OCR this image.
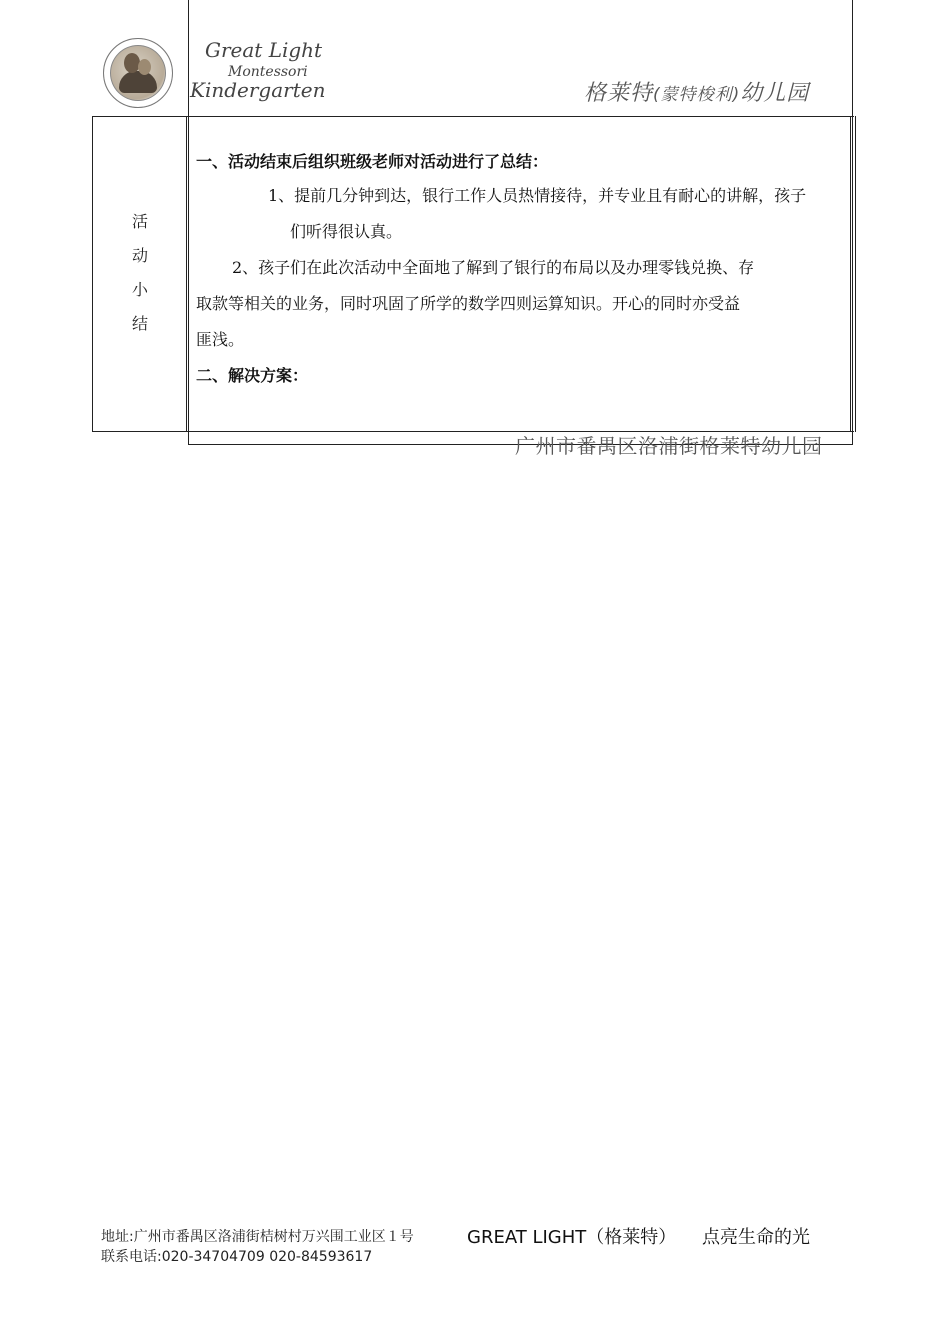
Great Light
Montessori
Kindergarten	格莱特(蒙特梭利)幼儿园
活
动
小
结

一、活动结束后组织班级老师对活动进行了总结：

1、提前几分钟到达，银行工作人员热情接待，并专业且有耐心的讲解，孩子

们听得很认真。

2、孩子们在此次活动中全面地了解到了银行的布局以及办理零钱兑换、存

取款等相关的业务，同时巩固了所学的数学四则运算知识。开心的同时亦受益

匪浅。

二、解决方案：

广州市番禺区洛浦街格莱特幼儿园
地址:广州市番禺区洛浦街桔树村万兴围工业区１号
联系电话:020-34704709 020-84593617
GREAT LIGHT（格莱特） 点亮生命的光
